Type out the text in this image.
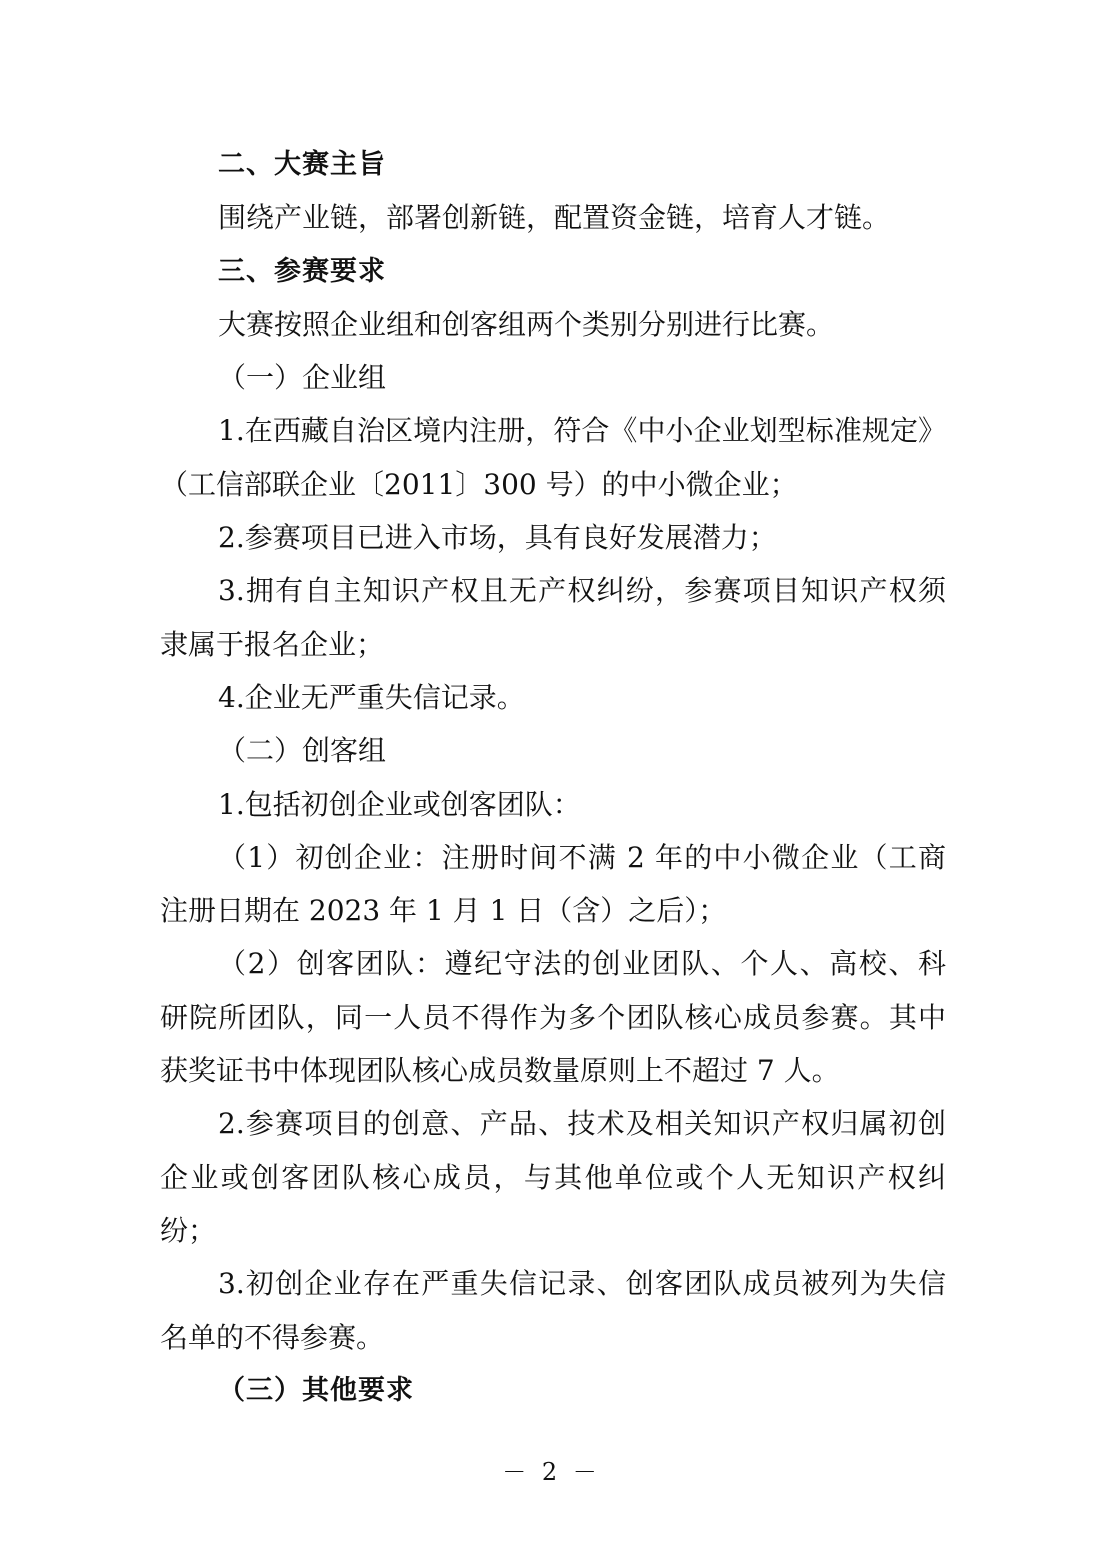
二、大赛主旨
围绕产业链，部署创新链，配置资金链，培育人才链。
三、参赛要求
大赛按照企业组和创客组两个类别分别进行比赛。
（一）企业组
1.在西藏自治区境内注册，符合《中小企业划型标准规定》
（工信部联企业〔2011〕300 号）的中小微企业；
2.参赛项目已进入市场，具有良好发展潜力；
3.拥有自主知识产权且无产权纠纷，参赛项目知识产权须
隶属于报名企业；
4.企业无严重失信记录。
（二）创客组
1.包括初创企业或创客团队：
（1）初创企业：注册时间不满 2 年的中小微企业（工商
注册日期在 2023 年 1 月 1 日（含）之后）；
（2）创客团队：遵纪守法的创业团队、个人、高校、科
研院所团队，同一人员不得作为多个团队核心成员参赛。其中
获奖证书中体现团队核心成员数量原则上不超过 7 人。
2.参赛项目的创意、产品、技术及相关知识产权归属初创
企业或创客团队核心成员，与其他单位或个人无知识产权纠
纷；
3.初创企业存在严重失信记录、创客团队成员被列为失信
名单的不得参赛。
（三）其他要求
－ 2 －
